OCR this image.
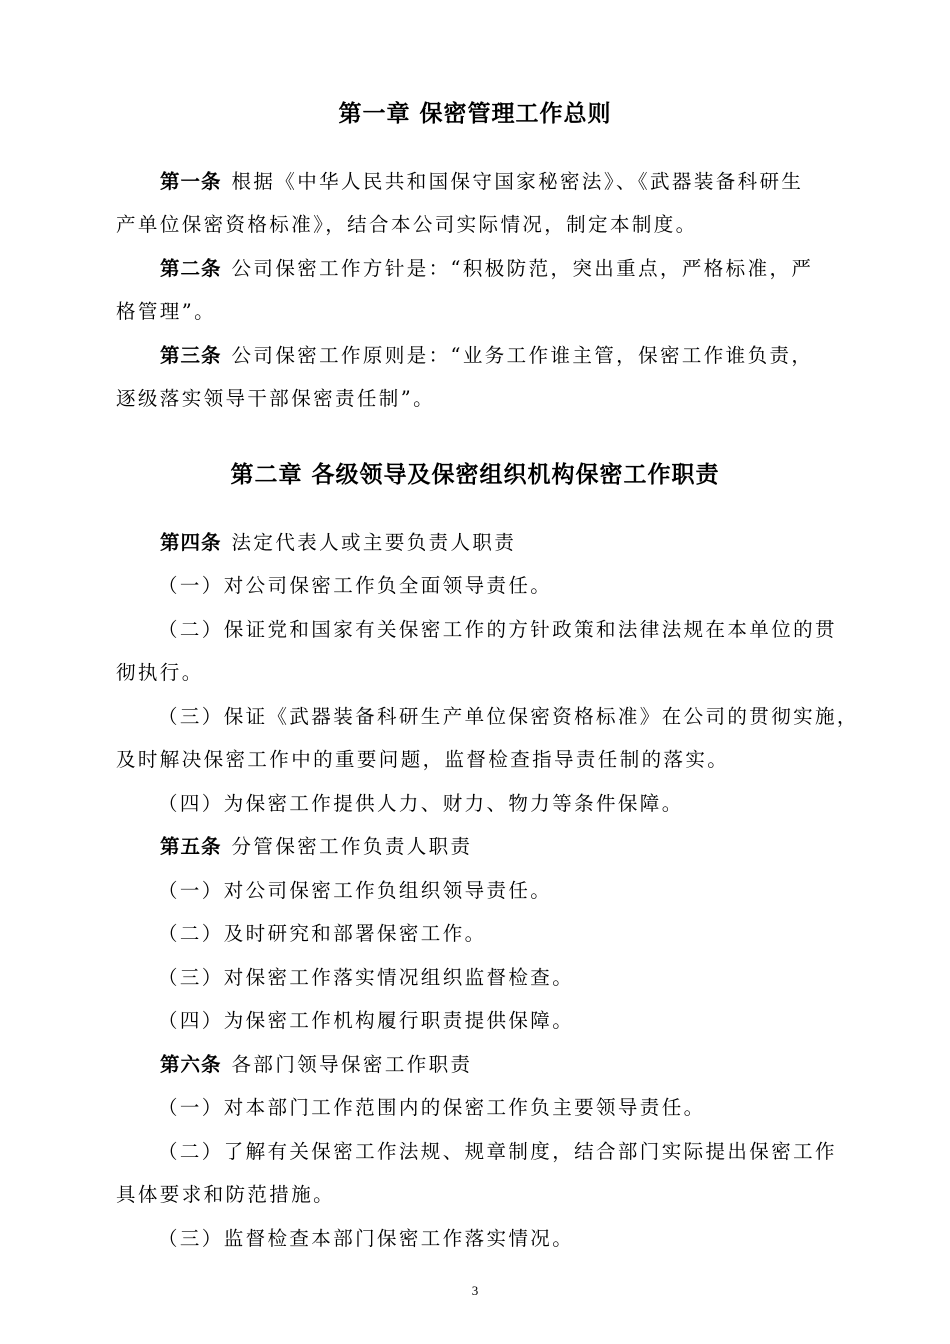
第一章 保密管理工作总则
第一条 根据《中华人民共和国保守国家秘密法》、《武器装备科研生
产单位保密资格标准》，结合本公司实际情况，制定本制度。
第二条 公司保密工作方针是：“积极防范，突出重点，严格标准，严
格管理”。
第三条 公司保密工作原则是：“业务工作谁主管，保密工作谁负责，
逐级落实领导干部保密责任制”。
第二章 各级领导及保密组织机构保密工作职责
第四条 法定代表人或主要负责人职责
（一）对公司保密工作负全面领导责任。
（二）保证党和国家有关保密工作的方针政策和法律法规在本单位的贯
彻执行。
（三）保证《武器装备科研生产单位保密资格标准》在公司的贯彻实施，
及时解决保密工作中的重要问题，监督检查指导责任制的落实。
（四）为保密工作提供人力、财力、物力等条件保障。
第五条 分管保密工作负责人职责
（一）对公司保密工作负组织领导责任。
（二）及时研究和部署保密工作。
（三）对保密工作落实情况组织监督检查。
（四）为保密工作机构履行职责提供保障。
第六条 各部门领导保密工作职责
（一）对本部门工作范围内的保密工作负主要领导责任。
（二）了解有关保密工作法规、规章制度，结合部门实际提出保密工作
具体要求和防范措施。
（三）监督检查本部门保密工作落实情况。
3
